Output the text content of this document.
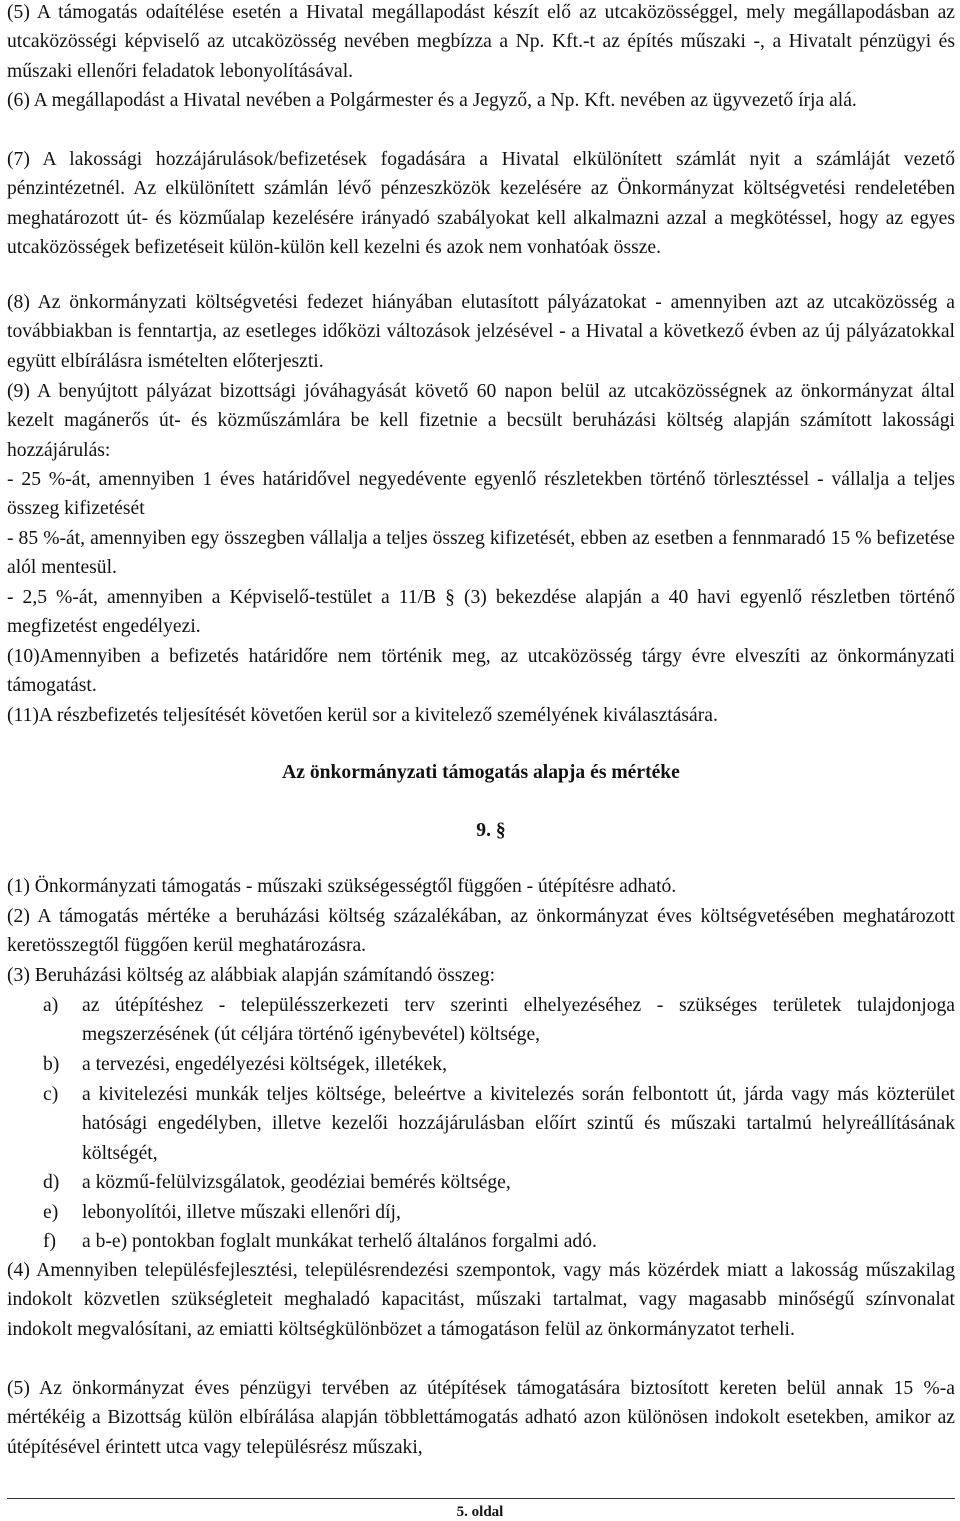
(5) A támogatás odaítélése esetén a Hivatal megállapodást készít elő az utcaközösséggel, mely megállapodásban az utcaközösségi képviselő az utcaközösség nevében megbízza a Np. Kft.-t az építés műszaki -, a Hivatalt pénzügyi és műszaki ellenőri feladatok lebonyolításával.

(6) A megállapodást a Hivatal nevében a Polgármester és a Jegyző, a Np. Kft. nevében az ügyvezető írja alá.

(7) A lakossági hozzájárulások/befizetések fogadására a Hivatal elkülönített számlát nyit a számláját vezető pénzintézetnél. Az elkülönített számlán lévő pénzeszközök kezelésére az Önkormányzat költségvetési rendeletében meghatározott út- és közműalap kezelésére irányadó szabályokat kell alkalmazni azzal a megkötéssel, hogy az egyes utcaközösségek befizetéseit külön-külön kell kezelni és azok nem vonhatóak össze.

(8) Az önkormányzati költségvetési fedezet hiányában elutasított pályázatokat - amennyiben azt az utcaközösség a továbbiakban is fenntartja, az esetleges időközi változások jelzésével - a Hivatal a következő évben az új pályázatokkal együtt elbírálásra ismételten előterjeszti.

(9) A benyújtott pályázat bizottsági jóváhagyását követő 60 napon belül az utcaközösségnek az önkormányzat által kezelt magánerős út- és közműszámlára be kell fizetnie a becsült beruházási költség alapján számított lakossági hozzájárulás:

- 25 %-át, amennyiben 1 éves határidővel negyedévente egyenlő részletekben történő törlesztéssel - vállalja a teljes összeg kifizetését

- 85 %-át, amennyiben egy összegben vállalja a teljes összeg kifizetését, ebben az esetben a fennmaradó 15 % befizetése alól mentesül.

- 2,5 %-át, amennyiben a Képviselő-testület a 11/B § (3) bekezdése alapján a 40 havi egyenlő részletben történő megfizetést engedélyezi.

(10)Amennyiben a befizetés határidőre nem történik meg, az utcaközösség tárgy évre elveszíti az önkormányzati támogatást.

(11)A részbefizetés teljesítését követően kerül sor a kivitelező személyének kiválasztására.

Az önkormányzati támogatás alapja és mértéke

9. §

(1) Önkormányzati támogatás - műszaki szükségességtől függően - útépítésre adható.

(2) A támogatás mértéke a beruházási költség százalékában, az önkormányzat éves költségvetésében meghatározott keretösszegtől függően kerül meghatározásra.

(3) Beruházási költség az alábbiak alapján számítandó összeg:

a) az útépítéshez - településszerkezeti terv szerinti elhelyezéséhez - szükséges területek tulajdonjoga megszerzésének (út céljára történő igénybevétel) költsége,
b) a tervezési, engedélyezési költségek, illetékek,
c) a kivitelezési munkák teljes költsége, beleértve a kivitelezés során felbontott út, járda vagy más közterület hatósági engedélyben, illetve kezelői hozzájárulásban előírt szintű és műszaki tartalmú helyreállításának költségét,
d) a közmű-felülvizsgálatok, geodéziai bemérés költsége,
e) lebonyolítói, illetve műszaki ellenőri díj,
f) a b-e) pontokban foglalt munkákat terhelő általános forgalmi adó.

(4) Amennyiben településfejlesztési, településrendezési szempontok, vagy más közérdek miatt a lakosság műszakilag indokolt közvetlen szükségleteit meghaladó kapacitást, műszaki tartalmat, vagy magasabb minőségű színvonalat indokolt megvalósítani, az emiatti költségkülönbözet a támogatáson felül az önkormányzatot terheli.

(5) Az önkormányzat éves pénzügyi tervében az útépítések támogatására biztosított kereten belül annak 15 %-a mértékéig a Bizottság külön elbírálása alapján többlettámogatás adható azon különösen indokolt esetekben, amikor az útépítésével érintett utca vagy településrész műszaki,

5. oldal
